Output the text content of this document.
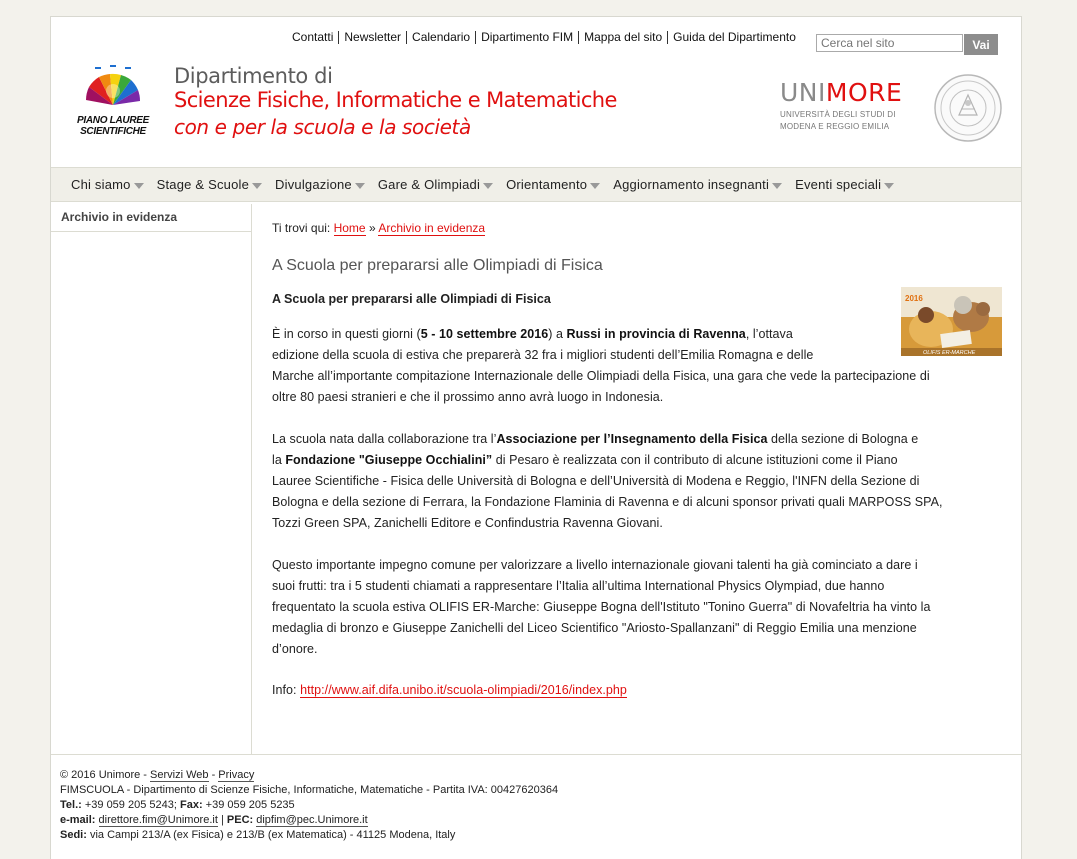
Contatti Newsletter Calendario Dipartimento FIM Mappa del sito Guida del Dipartimento
Cerca nel sito
Vai
PIANO LAUREE
SCIENTIFICHE
Dipartimento di
Scienze Fisiche, Informatiche e Matematiche
con e per la scuola e la società
UNIMORE
UNIVERSITÀ DEGLI STUDI DI
MODENA E REGGIO EMILIA
Chi siamo Stage & Scuole Divulgazione Gare & Olimpiadi Orientamento Aggiornamento insegnanti Eventi speciali
Archivio in evidenza
Ti trovi qui: Home » Archivio in evidenza
A Scuola per prepararsi alle Olimpiadi di Fisica
A Scuola per prepararsi alle Olimpiadi di Fisica	2016
OLIFIS ER-MARCHE
È in corso in questi giorni (5 - 10 settembre 2016) a Russi in provincia di Ravenna, l’ottava
edizione della scuola di estiva che preparerà 32 fra i migliori studenti dell’Emilia Romagna e delle
Marche all’importante compitazione Internazionale delle Olimpiadi della Fisica, una gara che vede la partecipazione di
oltre 80 paesi stranieri e che il prossimo anno avrà luogo in Indonesia.
La scuola nata dalla collaborazione tra l’Associazione per l’Insegnamento della Fisica della sezione di Bologna e
la Fondazione "Giuseppe Occhialini” di Pesaro è realizzata con il contributo di alcune istituzioni come il Piano
Lauree Scientifiche - Fisica delle Università di Bologna e dell’Università di Modena e Reggio, l'INFN della Sezione di
Bologna e della sezione di Ferrara, la Fondazione Flaminia di Ravenna e di alcuni sponsor privati quali MARPOSS SPA,
Tozzi Green SPA, Zanichelli Editore e Confindustria Ravenna Giovani.
Questo importante impegno comune per valorizzare a livello internazionale giovani talenti ha già cominciato a dare i
suoi frutti: tra i 5 studenti chiamati a rappresentare l’Italia all’ultima International Physics Olympiad, due hanno
frequentato la scuola estiva OLIFIS ER-Marche: Giuseppe Bogna dell'Istituto "Tonino Guerra" di Novafeltria ha vinto la
medaglia di bronzo e Giuseppe Zanichelli del Liceo Scientifico "Ariosto-Spallanzani" di Reggio Emilia una menzione
d’onore.
Info: http://www.aif.difa.unibo.it/scuola-olimpiadi/2016/index.php
© 2016 Unimore - Servizi Web - Privacy
FIMSCUOLA - Dipartimento di Scienze Fisiche, Informatiche, Matematiche - Partita IVA: 00427620364
Tel.: +39 059 205 5243; Fax: +39 059 205 5235
e-mail: direttore.fim@Unimore.it | PEC: dipfim@pec.Unimore.it
Sedi: via Campi 213/A (ex Fisica) e 213/B (ex Matematica) - 41125 Modena, Italy
